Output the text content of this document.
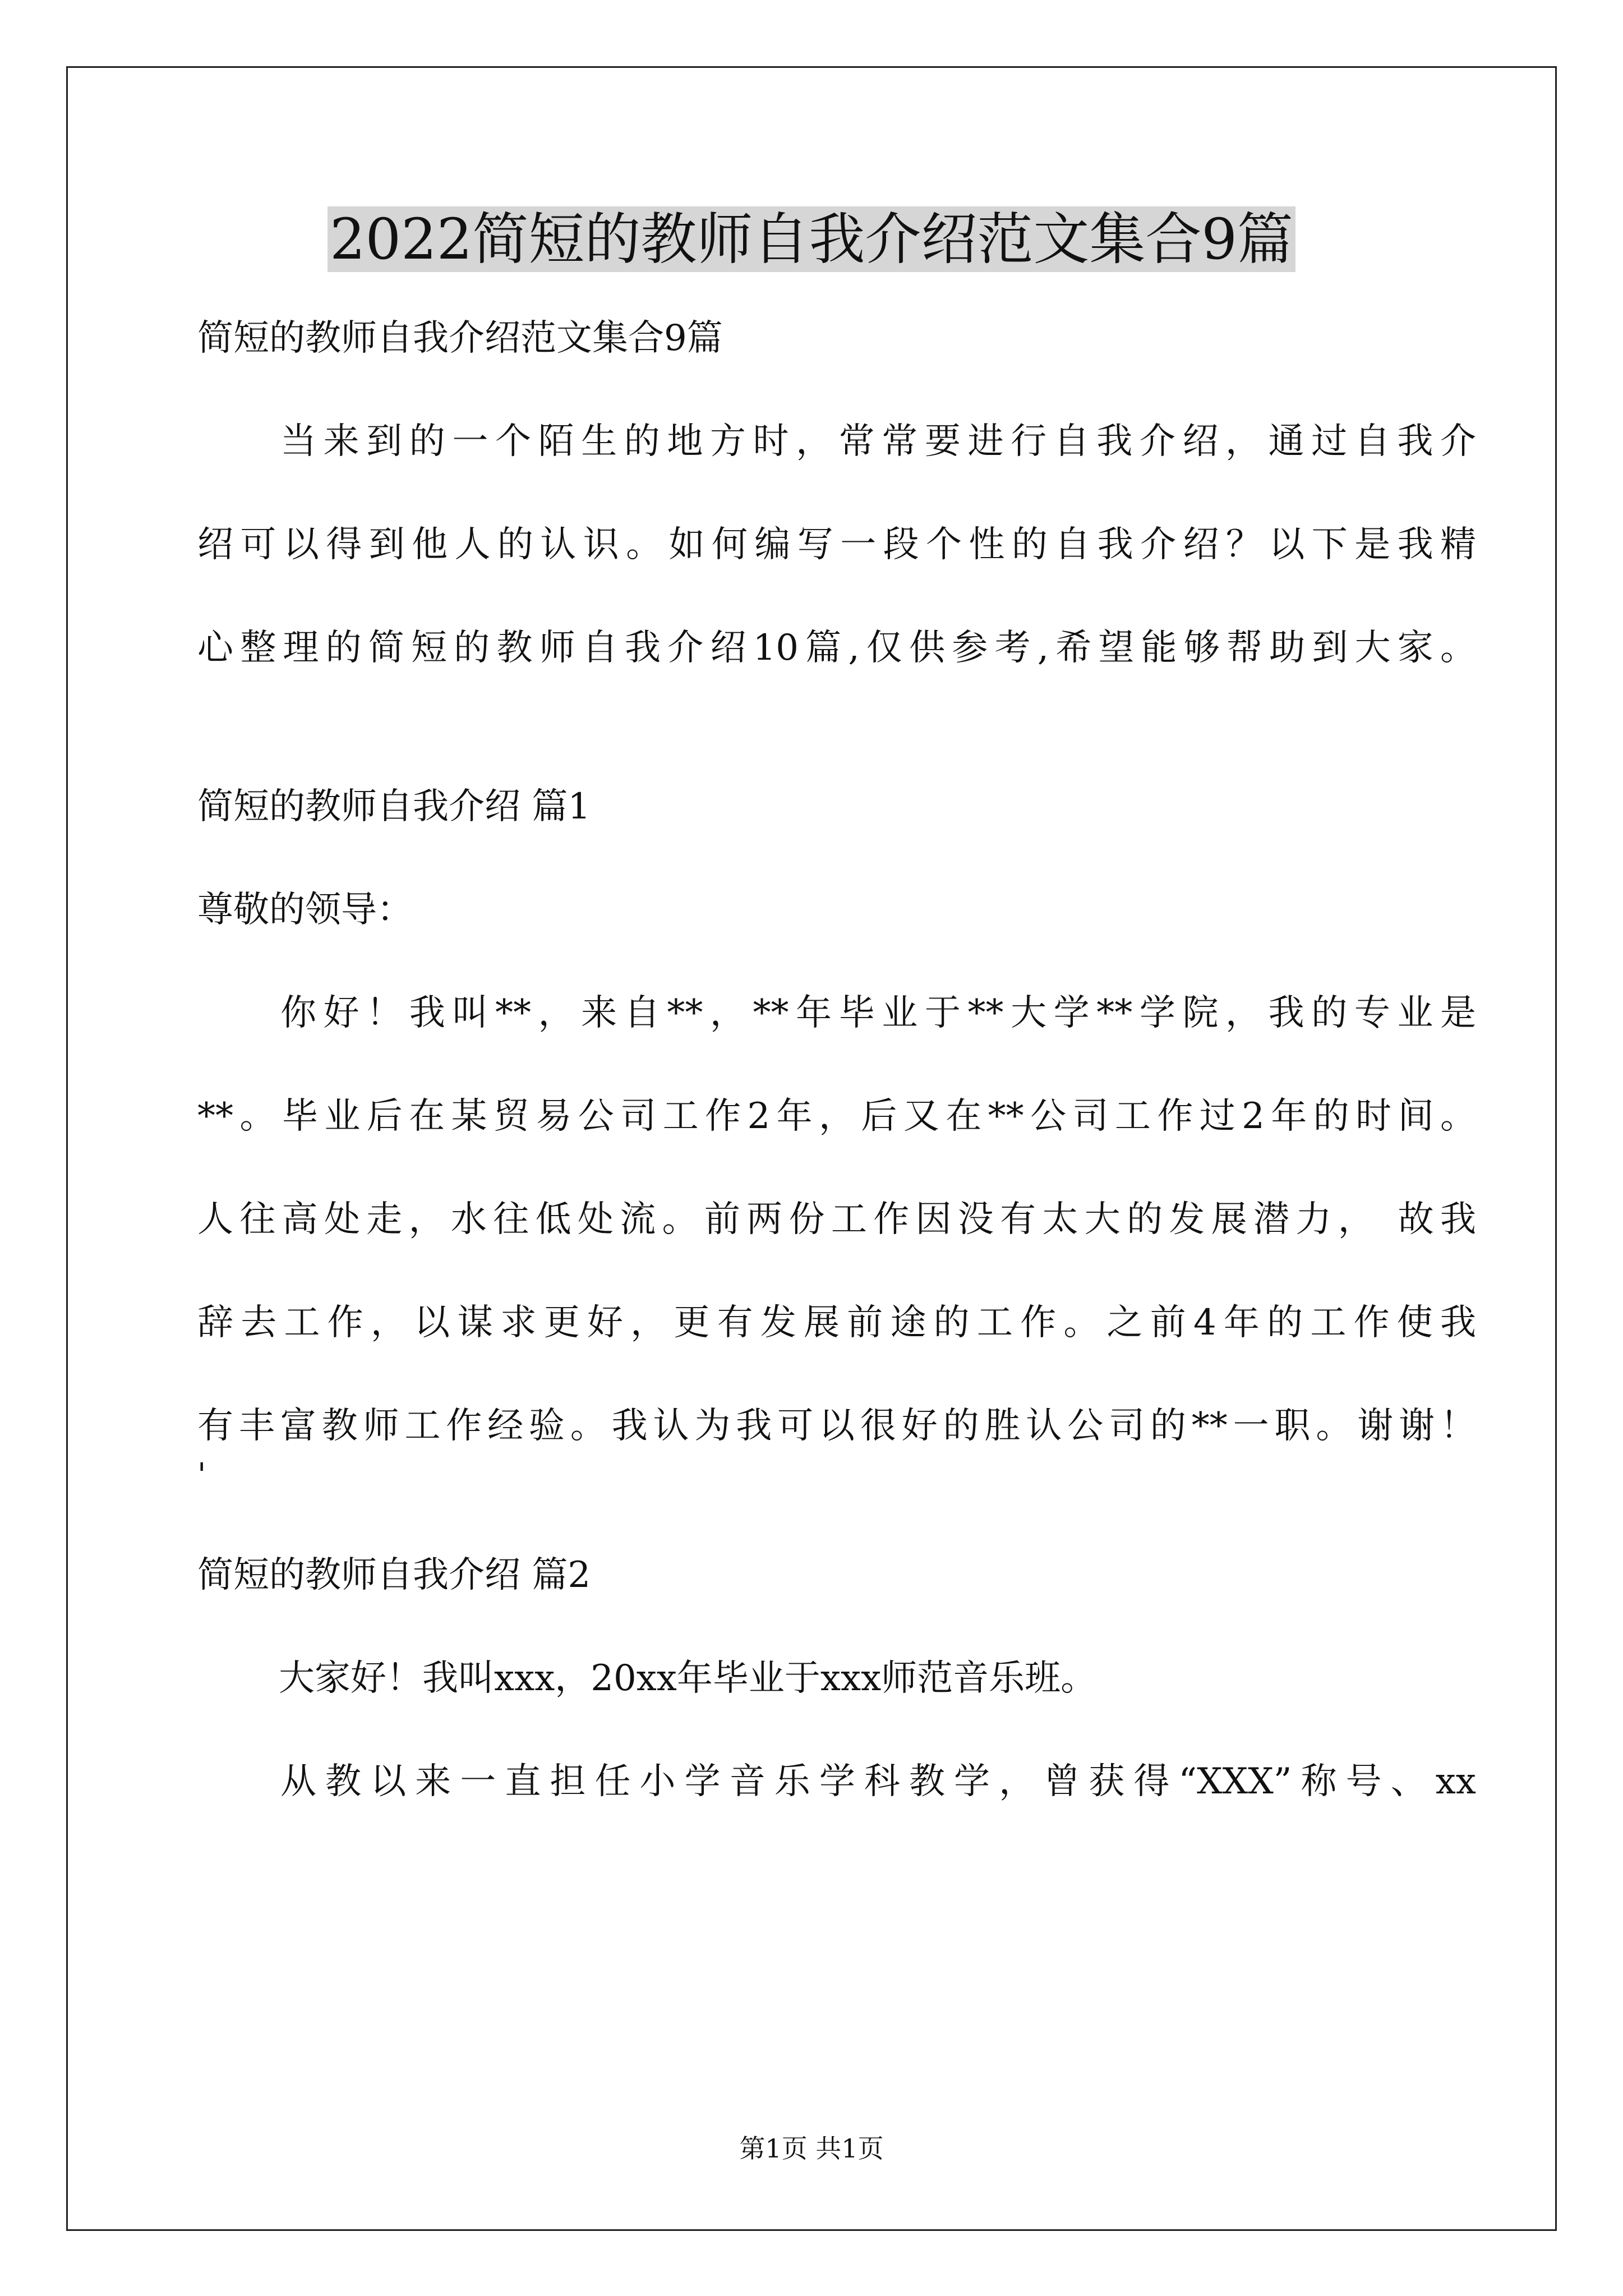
2022简短的教师自我介绍范文集合9篇
简短的教师自我介绍范文集合9篇
当来到的一个陌生的地方时，常常要进行自我介绍，通过自我介
绍可以得到他人的认识。如何编写一段个性的自我介绍？以下是我精
心整理的简短的教师自我介绍10篇,仅供参考,希望能够帮助到大家。
简短的教师自我介绍 篇1
尊敬的领导：
你好！我叫**，来自**，**年毕业于**大学**学院，我的专业是
**。毕业后在某贸易公司工作2年，后又在**公司工作过2年的时间。
人往高处走，水往低处流。前两份工作因没有太大的发展潜力， 故我
辞去工作，以谋求更好，更有发展前途的工作。之前4年的工作使我
有丰富教师工作经验。我认为我可以很好的胜认公司的**一职。谢谢！
'
简短的教师自我介绍 篇2
大家好！我叫xxx，20xx年毕业于xxx师范音乐班。
从教以来一直担任小学音乐学科教学，曾获得“XXX”称号、xx
第1页 共1页
